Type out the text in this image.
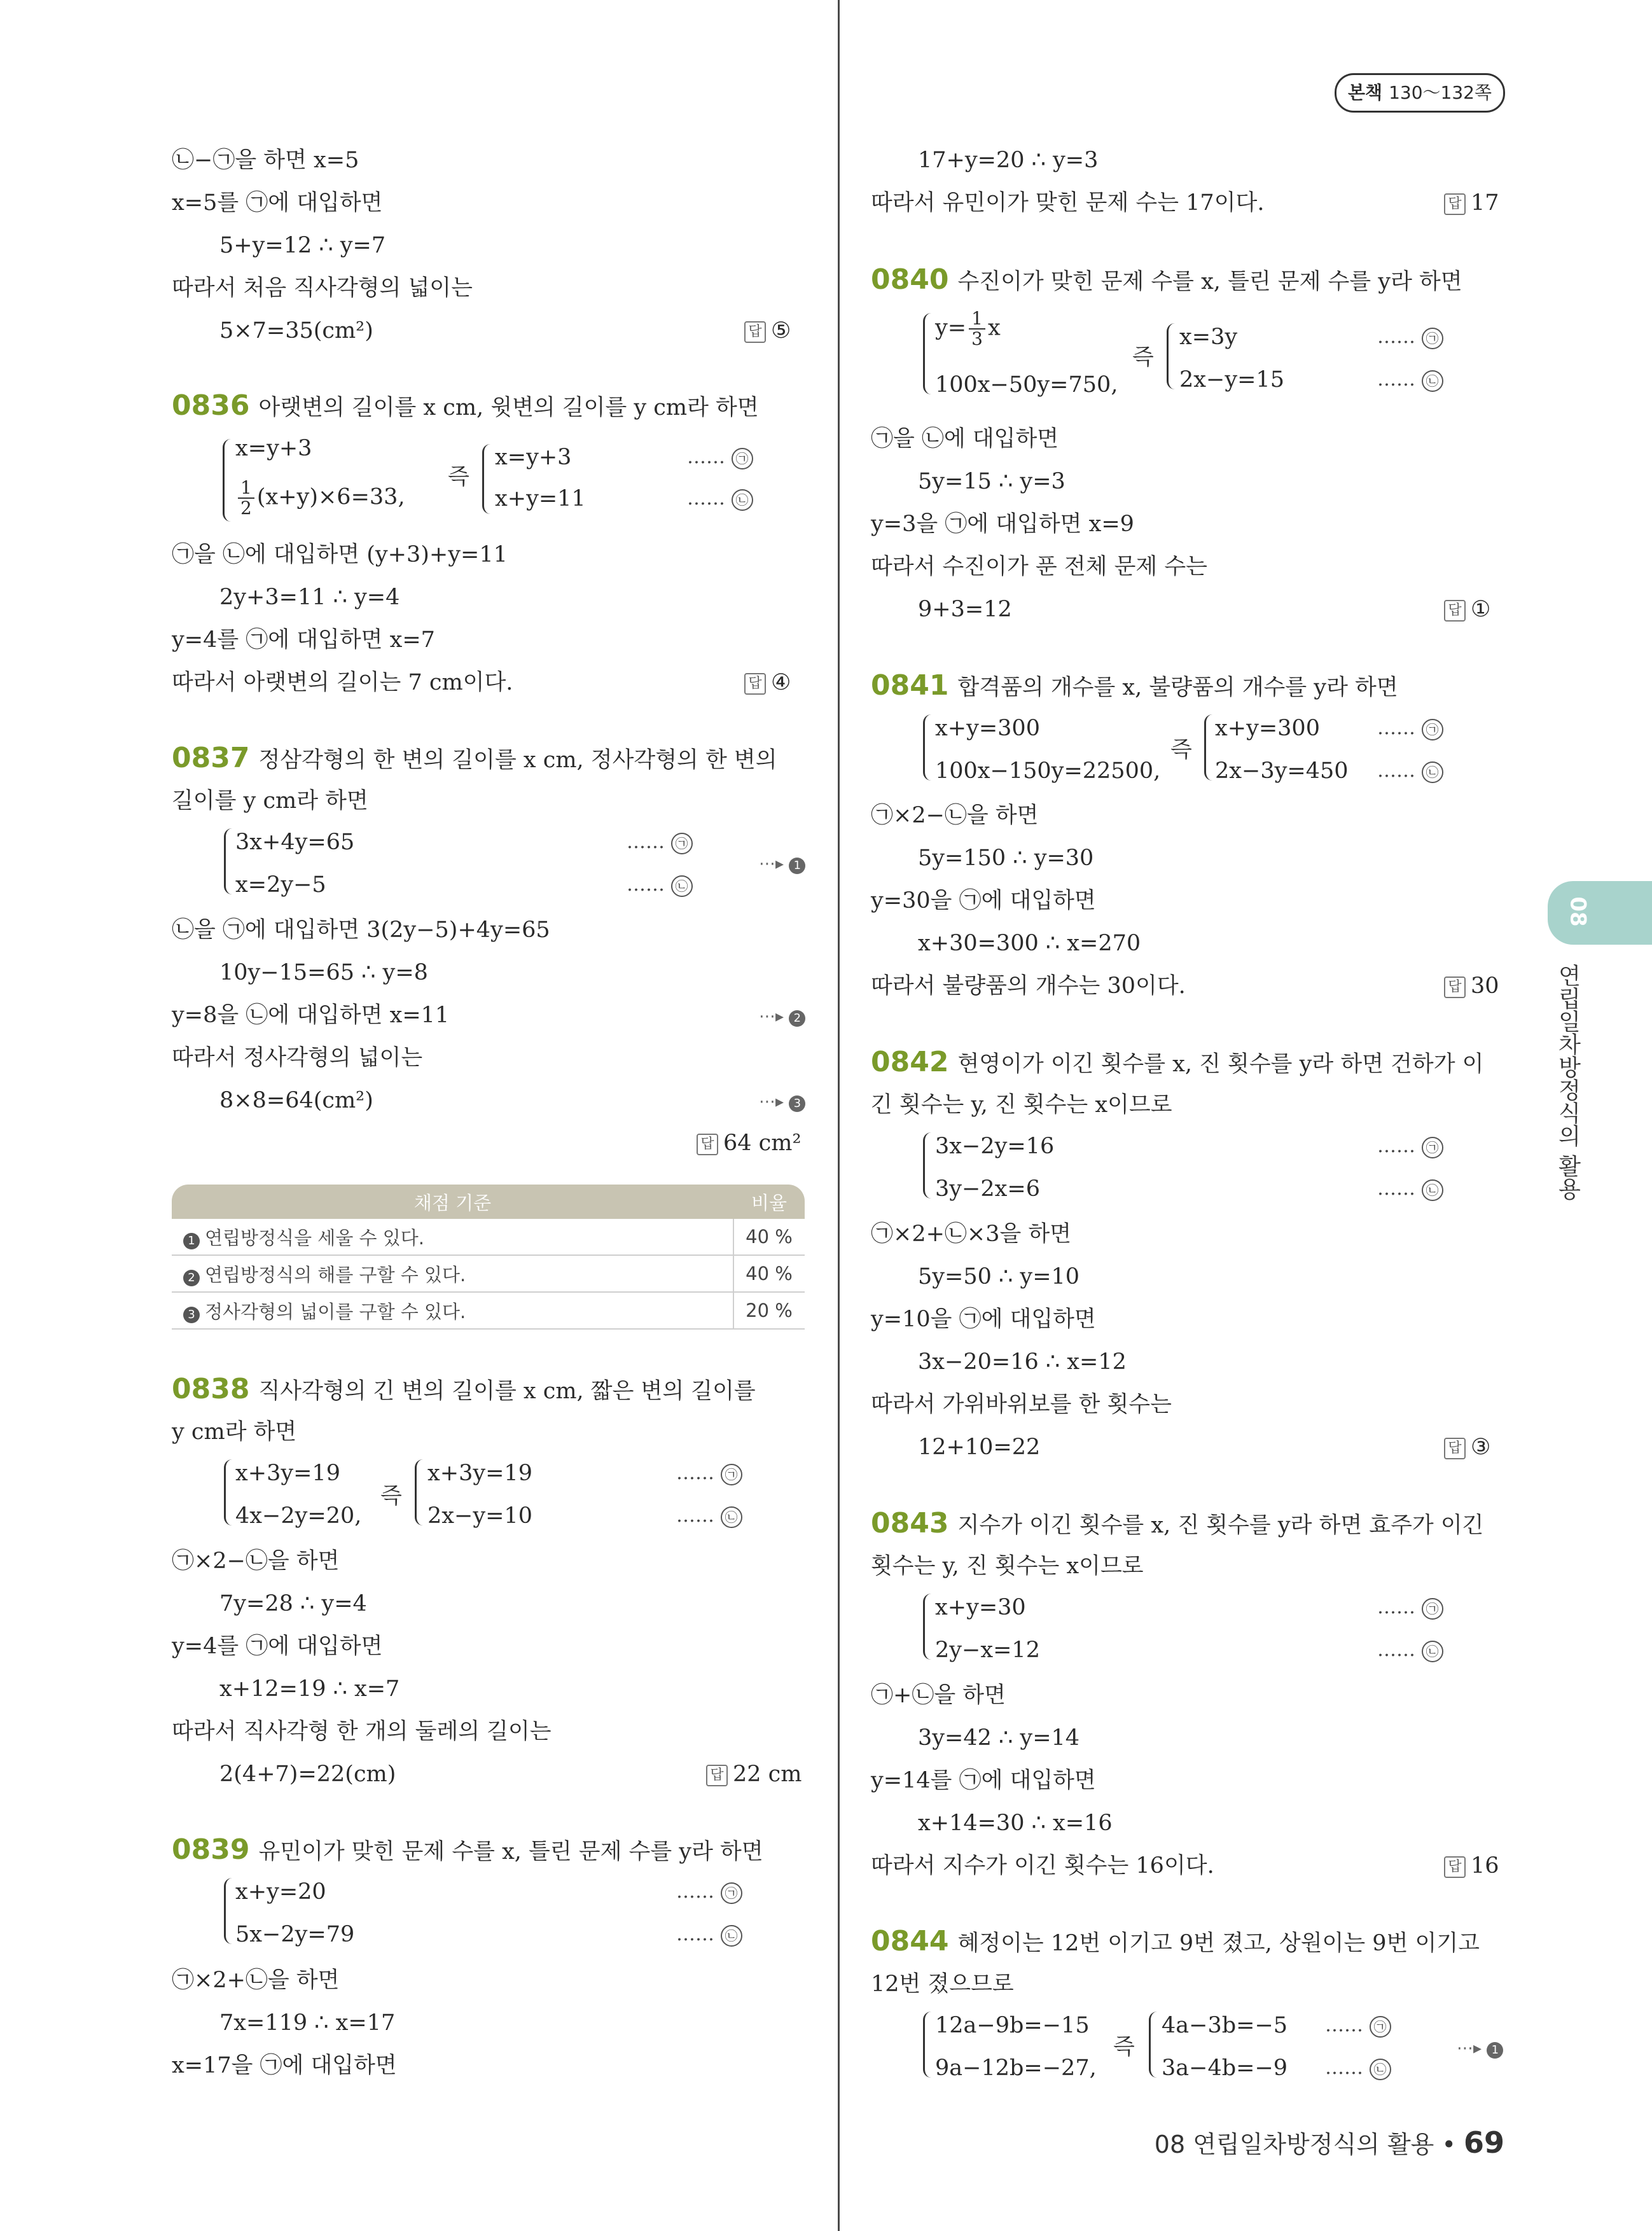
본책 130〜132쪽
08
연립일차방정식의 활용
㉡−㉠을 하면 x=5
x=5를 ㉠에 대입하면
5+y=12 ∴ y=7
따라서 처음 직사각형의 넓이는
5×7=35(cm²)	답 ⑤
0836 아랫변의 길이를 x cm, 윗변의 길이를 y cm라 하면
x=y+3
$\frac{1}{2} (x+y)\times 6=33$,
즉
x=y+3
x+y=11
…… ㉠
…… ㉡
㉠을 ㉡에 대입하면 (y+3)+y=11
2y+3=11 ∴ y=4
y=4를 ㉠에 대입하면 x=7
따라서 아랫변의 길이는 7 cm이다.	답 ④
0837 정삼각형의 한 변의 길이를 x cm, 정사각형의 한 변의
길이를 y cm라 하면
3x+4y=65
x=2y−5
…… ㉠
…… ㉡
⋯▸ 1
㉡을 ㉠에 대입하면 3(2y−5)+4y=65
10y−15=65 ∴ y=8
y=8을 ㉡에 대입하면 x=11	⋯▸ 2
따라서 정사각형의 넓이는
8×8=64(cm²)	⋯▸ 3
답 64 cm²
채점 기준	비율
1 연립방정식을 세울 수 있다.	40 %
2 연립방정식의 해를 구할 수 있다.	40 %
3 정사각형의 넓이를 구할 수 있다.	20 %
0838 직사각형의 긴 변의 길이를 x cm, 짧은 변의 길이를
y cm라 하면
x+3y=19
4x−2y=20,
즉
x+3y=19
2x−y=10
…… ㉠
…… ㉡
㉠×2−㉡을 하면
7y=28 ∴ y=4
y=4를 ㉠에 대입하면
x+12=19 ∴ x=7
따라서 직사각형 한 개의 둘레의 길이는
2(4+7)=22(cm)	답 22 cm
0839 유민이가 맞힌 문제 수를 x, 틀린 문제 수를 y라 하면
x+y=20
5x−2y=79
…… ㉠
…… ㉡
㉠×2+㉡을 하면
7x=119 ∴ x=17
x=17을 ㉠에 대입하면
17+y=20 ∴ y=3
따라서 유민이가 맞힌 문제 수는 17이다.	답 17
0840 수진이가 맞힌 문제 수를 x, 틀린 문제 수를 y라 하면
$y= \frac{1}{3}$ x
100x−50y=750,
즉
x=3y
2x−y=15
…… ㉠
…… ㉡
㉠을 ㉡에 대입하면
5y=15 ∴ y=3
y=3을 ㉠에 대입하면 x=9
따라서 수진이가 푼 전체 문제 수는
9+3=12	답 ①
0841 합격품의 개수를 x, 불량품의 개수를 y라 하면
x+y=300
100x−150y=22500,
즉
x+y=300
2x−3y=450
…… ㉠
…… ㉡
㉠×2−㉡을 하면
5y=150 ∴ y=30
y=30을 ㉠에 대입하면
x+30=300 ∴ x=270
따라서 불량품의 개수는 30이다.	답 30
0842 현영이가 이긴 횟수를 x, 진 횟수를 y라 하면 건하가 이
긴 횟수는 y, 진 횟수는 x이므로
3x−2y=16
3y−2x=6
…… ㉠
…… ㉡
㉠×2+㉡×3을 하면
5y=50 ∴ y=10
y=10을 ㉠에 대입하면
3x−20=16 ∴ x=12
따라서 가위바위보를 한 횟수는
12+10=22	답 ③
0843 지수가 이긴 횟수를 x, 진 횟수를 y라 하면 효주가 이긴
횟수는 y, 진 횟수는 x이므로
x+y=30
2y−x=12
…… ㉠
…… ㉡
㉠+㉡을 하면
3y=42 ∴ y=14
y=14를 ㉠에 대입하면
x+14=30 ∴ x=16
따라서 지수가 이긴 횟수는 16이다.	답 16
0844 혜정이는 12번 이기고 9번 졌고, 상원이는 9번 이기고
12번 졌으므로
12a−9b=−15
9a−12b=−27,
즉
4a−3b=−5
3a−4b=−9
…… ㉠
…… ㉡
⋯▸ 1
08 연립일차방정식의 활용 • 69
